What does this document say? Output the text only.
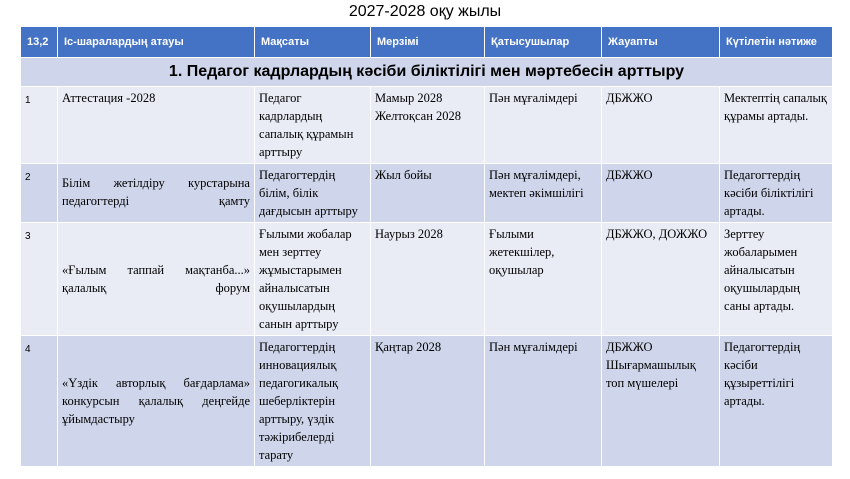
2027-2028 оқу жылы
13,2	Іс-шаралардың атауы	Мақсаты	Мерзімі	Қатысушылар	Жауапты	Күтілетін нәтиже
1. Педагог кадрлардың кәсіби біліктілігі мен мәртебесін арттыру						
1	Аттестация -2028	Педагог кадрлардың сапалық құрамын арттыру	Мамыр 2028 Желтоқсан 2028	Пән мұғалімдері	ДБЖЖО	Мектептің сапалық құрамы артады.
2	Білім жетілдіру курстарына педагогтерді қамту	Педагогтердің білім, білік дағдысын арттыру	Жыл бойы	Пән мұғалімдері, мектеп әкімшілігі	ДБЖЖО	Педагогтердің кәсіби біліктілігі артады.
3	«Ғылым таппай мақтанба...» қалалық форум	Ғылыми жобалар мен зерттеу жұмыстарымен айналысатын оқушылардың санын арттыру	Наурыз 2028	Ғылыми жетекшілер, оқушылар	ДБЖЖО, ДОЖЖО	Зерттеу жобаларымен айналысатын оқушылардың саны артады.
4	«Үздік авторлық бағдарлама» конкурсын қалалық деңгейде ұйымдастыру	Педагогтердің инновациялық педагогикалық шеберліктерін арттыру, үздік тәжірибелерді тарату	Қаңтар 2028	Пән мұғалімдері	ДБЖЖО Шығармашылық топ мүшелері	Педагогтердің кәсіби құзыреттілігі артады.
